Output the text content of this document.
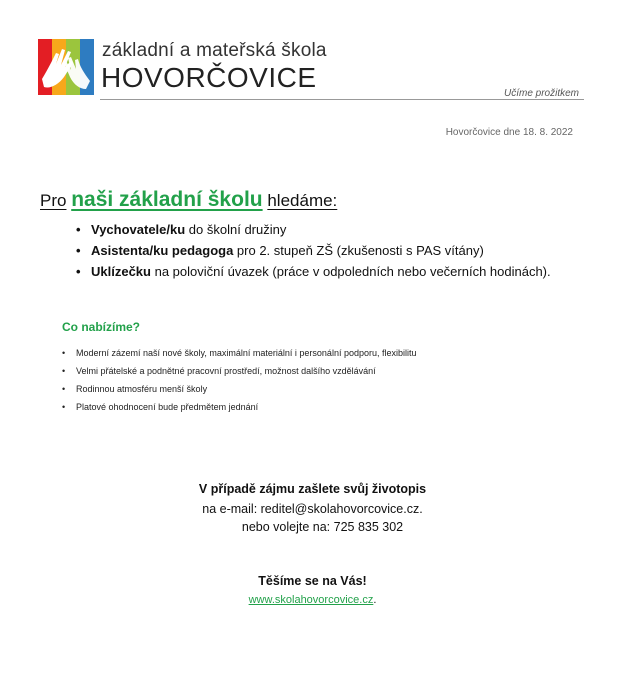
základní a mateřská škola
HOVORČOVICE
Učíme prožitkem
Hovorčovice dne 18. 8. 2022
Pro naši základní školu hledáme:
• Vychovatele/ku do školní družiny
• Asistenta/ku pedagoga pro 2. stupeň ZŠ (zkušenosti s PAS vítány)
• Uklízečku na poloviční úvazek (práce v odpoledních nebo večerních hodinách).
Co nabízíme?
• Moderní zázemí naší nové školy, maximální materiální i personální podporu, flexibilitu
• Velmi přátelské a podnětné pracovní prostředí, možnost dalšího vzdělávání
• Rodinnou atmosféru menší školy
• Platové ohodnocení bude předmětem jednání
V případě zájmu zašlete svůj životopis
na e-mail: reditel@skolahovorcovice.cz.
nebo volejte na: 725 835 302
Těšíme se na Vás!
www.skolahovorcovice.cz.
